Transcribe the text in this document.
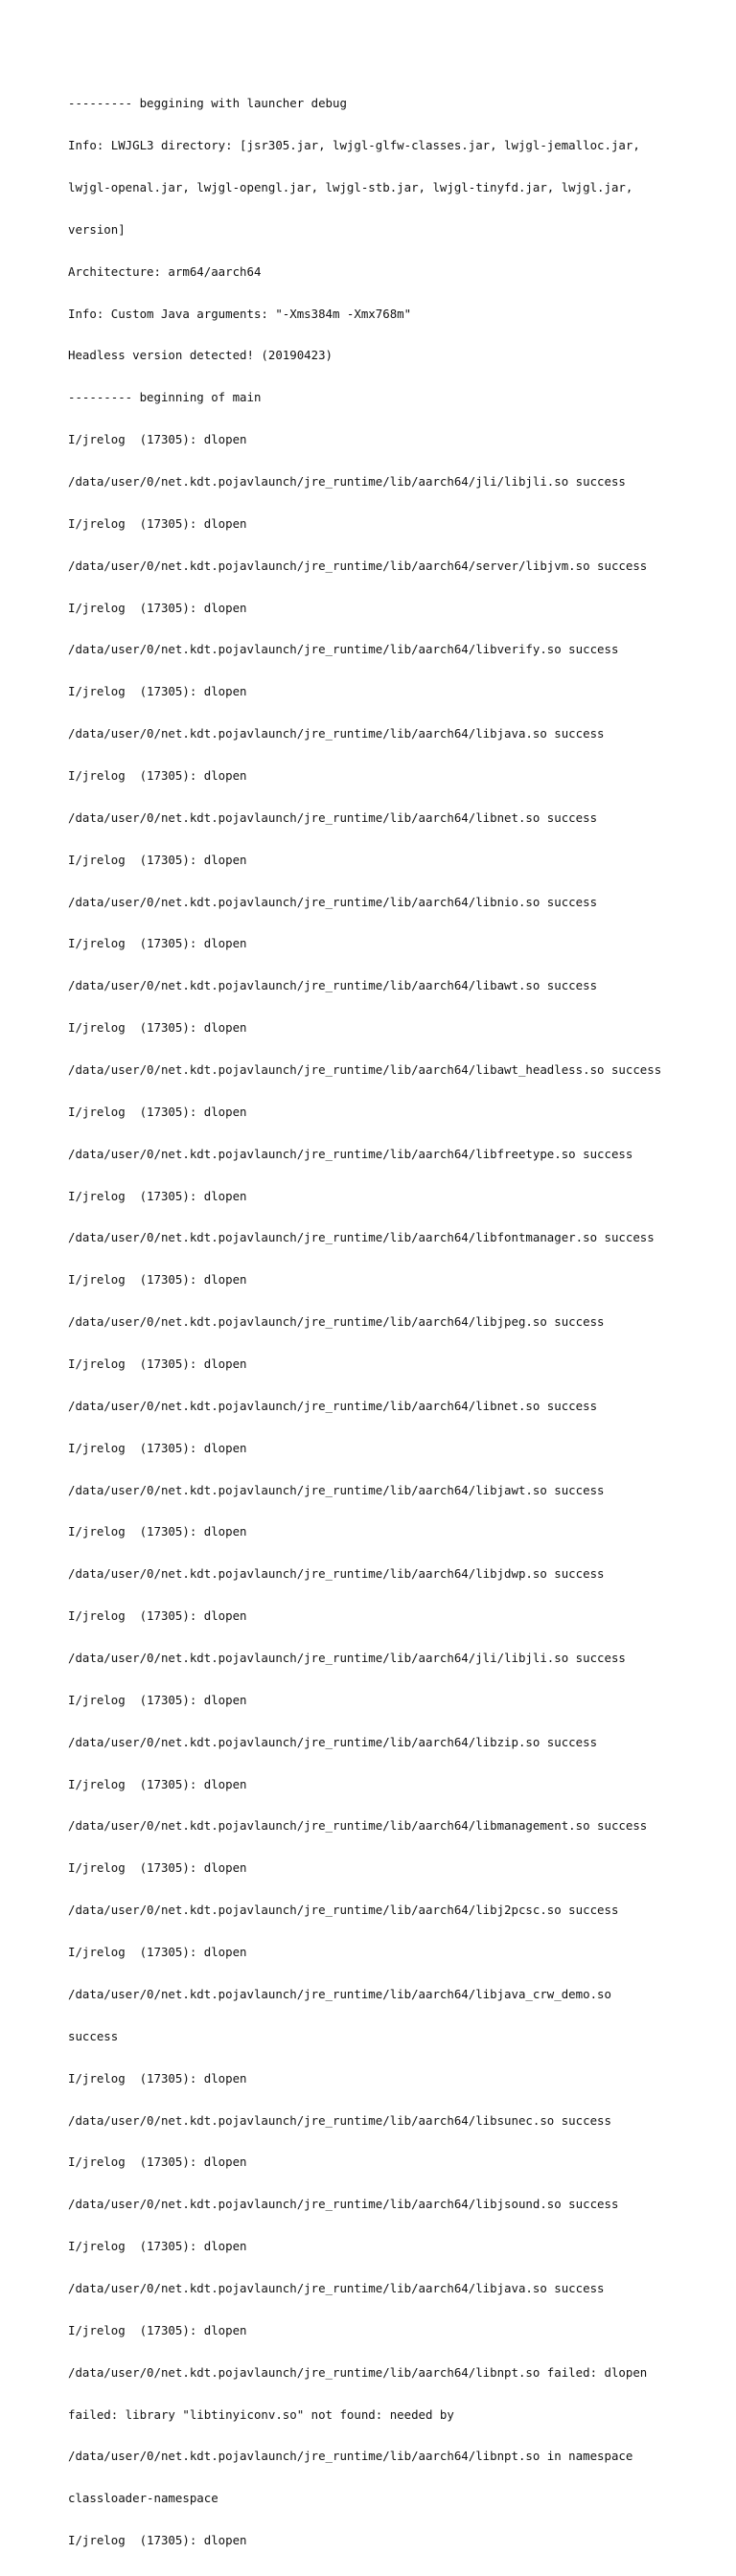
--------- beggining with launcher debug

Info: LWJGL3 directory: [jsr305.jar, lwjgl-glfw-classes.jar, lwjgl-jemalloc.jar,

lwjgl-openal.jar, lwjgl-opengl.jar, lwjgl-stb.jar, lwjgl-tinyfd.jar, lwjgl.jar,

version]

Architecture: arm64/aarch64

Info: Custom Java arguments: "-Xms384m -Xmx768m"

Headless version detected! (20190423)

--------- beginning of main

I/jrelog  (17305): dlopen

/data/user/0/net.kdt.pojavlaunch/jre_runtime/lib/aarch64/jli/libjli.so success

I/jrelog  (17305): dlopen

/data/user/0/net.kdt.pojavlaunch/jre_runtime/lib/aarch64/server/libjvm.so success

I/jrelog  (17305): dlopen

/data/user/0/net.kdt.pojavlaunch/jre_runtime/lib/aarch64/libverify.so success

I/jrelog  (17305): dlopen

/data/user/0/net.kdt.pojavlaunch/jre_runtime/lib/aarch64/libjava.so success

I/jrelog  (17305): dlopen

/data/user/0/net.kdt.pojavlaunch/jre_runtime/lib/aarch64/libnet.so success

I/jrelog  (17305): dlopen

/data/user/0/net.kdt.pojavlaunch/jre_runtime/lib/aarch64/libnio.so success

I/jrelog  (17305): dlopen

/data/user/0/net.kdt.pojavlaunch/jre_runtime/lib/aarch64/libawt.so success

I/jrelog  (17305): dlopen

/data/user/0/net.kdt.pojavlaunch/jre_runtime/lib/aarch64/libawt_headless.so success

I/jrelog  (17305): dlopen

/data/user/0/net.kdt.pojavlaunch/jre_runtime/lib/aarch64/libfreetype.so success

I/jrelog  (17305): dlopen

/data/user/0/net.kdt.pojavlaunch/jre_runtime/lib/aarch64/libfontmanager.so success

I/jrelog  (17305): dlopen

/data/user/0/net.kdt.pojavlaunch/jre_runtime/lib/aarch64/libjpeg.so success

I/jrelog  (17305): dlopen

/data/user/0/net.kdt.pojavlaunch/jre_runtime/lib/aarch64/libnet.so success

I/jrelog  (17305): dlopen

/data/user/0/net.kdt.pojavlaunch/jre_runtime/lib/aarch64/libjawt.so success

I/jrelog  (17305): dlopen

/data/user/0/net.kdt.pojavlaunch/jre_runtime/lib/aarch64/libjdwp.so success

I/jrelog  (17305): dlopen

/data/user/0/net.kdt.pojavlaunch/jre_runtime/lib/aarch64/jli/libjli.so success

I/jrelog  (17305): dlopen

/data/user/0/net.kdt.pojavlaunch/jre_runtime/lib/aarch64/libzip.so success

I/jrelog  (17305): dlopen

/data/user/0/net.kdt.pojavlaunch/jre_runtime/lib/aarch64/libmanagement.so success

I/jrelog  (17305): dlopen

/data/user/0/net.kdt.pojavlaunch/jre_runtime/lib/aarch64/libj2pcsc.so success

I/jrelog  (17305): dlopen

/data/user/0/net.kdt.pojavlaunch/jre_runtime/lib/aarch64/libjava_crw_demo.so

success

I/jrelog  (17305): dlopen

/data/user/0/net.kdt.pojavlaunch/jre_runtime/lib/aarch64/libsunec.so success

I/jrelog  (17305): dlopen

/data/user/0/net.kdt.pojavlaunch/jre_runtime/lib/aarch64/libjsound.so success

I/jrelog  (17305): dlopen

/data/user/0/net.kdt.pojavlaunch/jre_runtime/lib/aarch64/libjava.so success

I/jrelog  (17305): dlopen

/data/user/0/net.kdt.pojavlaunch/jre_runtime/lib/aarch64/libnpt.so failed: dlopen

failed: library "libtinyiconv.so" not found: needed by

/data/user/0/net.kdt.pojavlaunch/jre_runtime/lib/aarch64/libnpt.so in namespace

classloader-namespace

I/jrelog  (17305): dlopen
